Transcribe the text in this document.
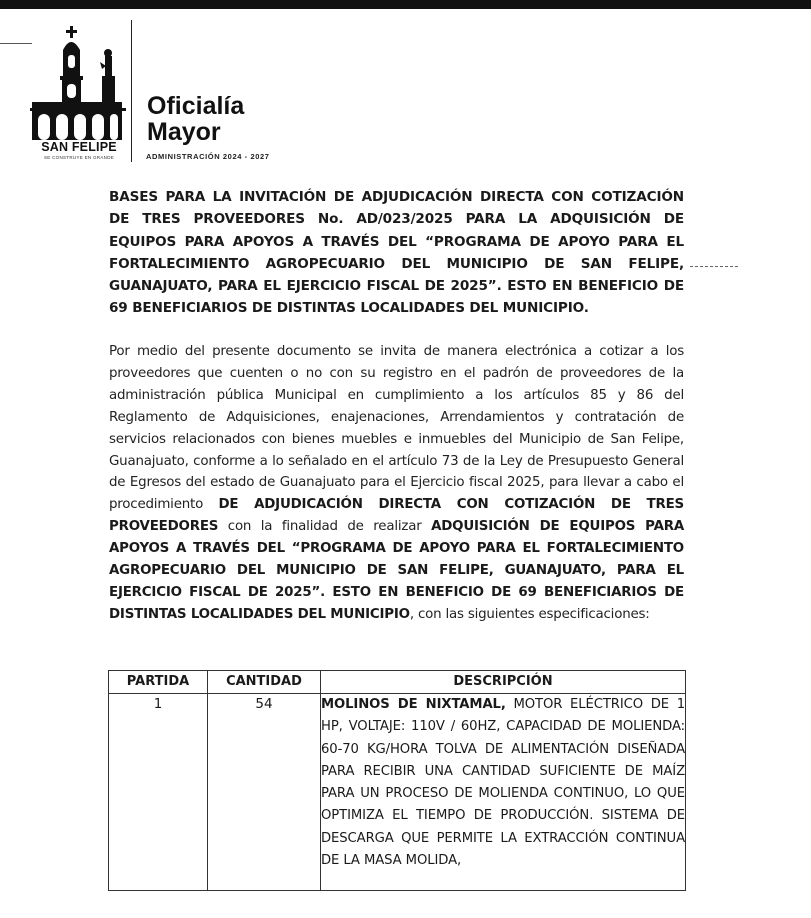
SAN FELIPE
SE CONSTRUYE EN GRANDE
Oficialía
Mayor
ADMINISTRACIÓN 2024 - 2027
BASES PARA LA INVITACIÓN DE ADJUDICACIÓN DIRECTA CON COTIZACIÓN DE TRES PROVEEDORES No. AD/023/2025 PARA LA ADQUISICIÓN DE EQUIPOS PARA APOYOS A TRAVÉS DEL “PROGRAMA DE APOYO PARA EL FORTALECIMIENTO AGROPECUARIO DEL MUNICIPIO DE SAN FELIPE, GUANAJUATO, PARA EL EJERCICIO FISCAL DE 2025”. ESTO EN BENEFICIO DE 69 BENEFICIARIOS DE DISTINTAS LOCALIDADES DEL MUNICIPIO.
Por medio del presente documento se invita de manera electrónica a cotizar a los proveedores que cuenten o no con su registro en el padrón de proveedores de la administración pública Municipal en cumplimiento a los artículos 85 y 86 del Reglamento de Adquisiciones, enajenaciones, Arrendamientos y contratación de servicios relacionados con bienes muebles e inmuebles del Municipio de San Felipe, Guanajuato, conforme a lo señalado en el artículo 73 de la Ley de Presupuesto General de Egresos del estado de Guanajuato para el Ejercicio fiscal 2025, para llevar a cabo el procedimiento DE ADJUDICACIÓN DIRECTA CON COTIZACIÓN DE TRES PROVEEDORES con la finalidad de realizar ADQUISICIÓN DE EQUIPOS PARA APOYOS A TRAVÉS DEL “PROGRAMA DE APOYO PARA EL FORTALECIMIENTO AGROPECUARIO DEL MUNICIPIO DE SAN FELIPE, GUANAJUATO, PARA EL EJERCICIO FISCAL DE 2025”. ESTO EN BENEFICIO DE 69 BENEFICIARIOS DE DISTINTAS LOCALIDADES DEL MUNICIPIO, con las siguientes especificaciones:
PARTIDA	CANTIDAD	DESCRIPCIÓN
1	54	MOLINOS DE NIXTAMAL, MOTOR ELÉCTRICO DE 1 HP, VOLTAJE: 110V / 60HZ, CAPACIDAD DE MOLIENDA: 60-70 KG/HORA TOLVA DE ALIMENTACIÓN DISEÑADA PARA RECIBIR UNA CANTIDAD SUFICIENTE DE MAÍZ PARA UN PROCESO DE MOLIENDA CONTINUO, LO QUE OPTIMIZA EL TIEMPO DE PRODUCCIÓN. SISTEMA DE DESCARGA QUE PERMITE LA EXTRACCIÓN CONTINUA DE LA MASA MOLIDA,
